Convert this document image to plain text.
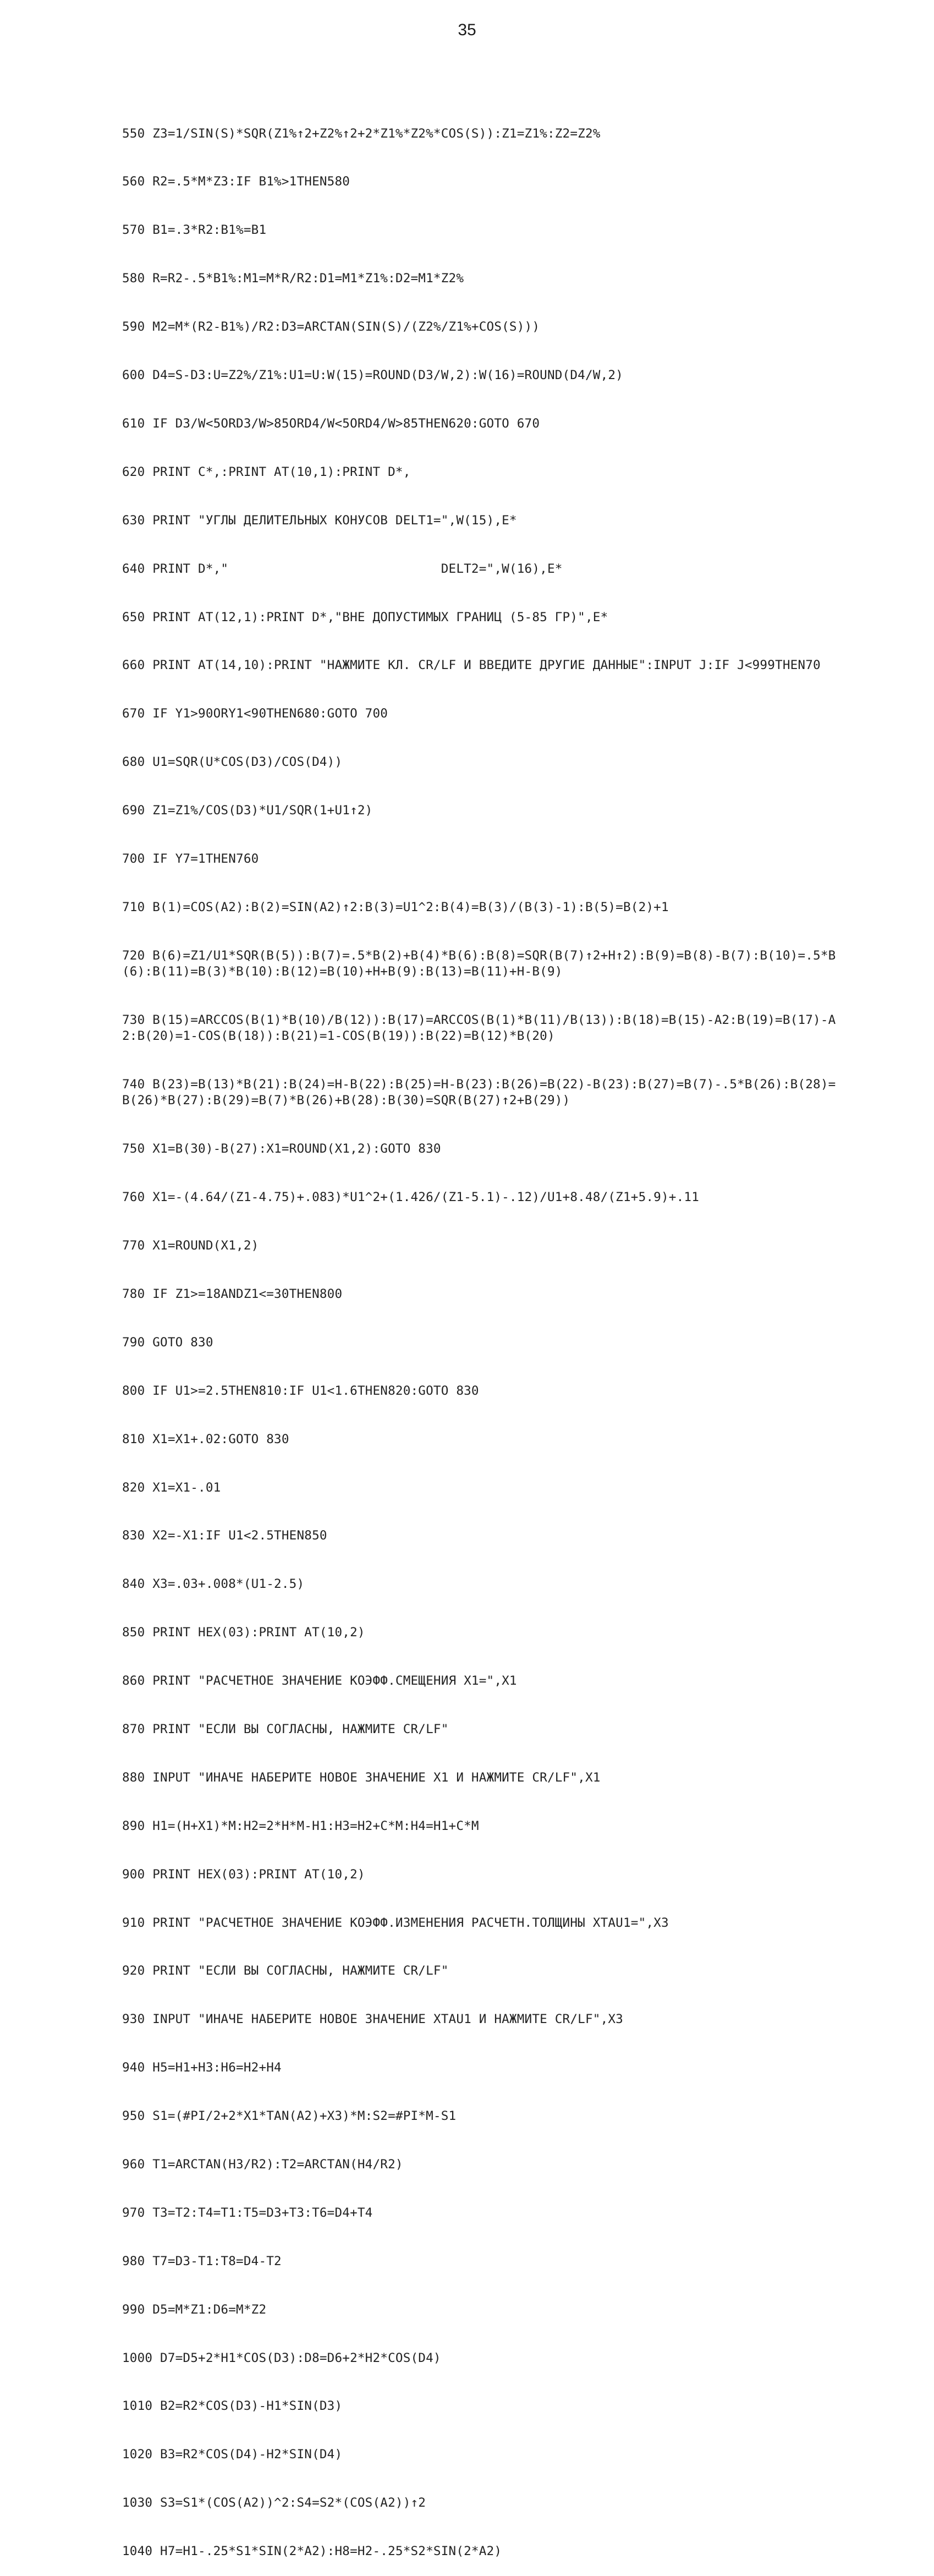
35

550 Z3=1/SIN(S)*SQR(Z1%↑2+Z2%↑2+2*Z1%*Z2%*COS(S)):Z1=Z1%:Z2=Z2%

560 R2=.5*M*Z3:IF B1%>1THEN580

570 B1=.3*R2:B1%=B1

580 R=R2-.5*B1%:M1=M*R/R2:D1=M1*Z1%:D2=M1*Z2%

590 M2=M*(R2-B1%)/R2:D3=ARCTAN(SIN(S)/(Z2%/Z1%+COS(S)))

600 D4=S-D3:U=Z2%/Z1%:U1=U:W(15)=ROUND(D3/W,2):W(16)=ROUND(D4/W,2)

610 IF D3/W<5ORD3/W>85ORD4/W<5ORD4/W>85THEN620:GOTO 670

620 PRINT C*,:PRINT AT(10,1):PRINT D*,

630 PRINT "УГЛЫ ДЕЛИТЕЛЬНЫХ КОНУСОВ DELT1=",W(15),E*

640 PRINT D*,"                            DELT2=",W(16),E*

650 PRINT AT(12,1):PRINT D*,"ВНЕ ДОПУСТИМЫХ ГРАНИЦ (5-85 ГР)",E*

660 PRINT AT(14,10):PRINT "НАЖМИТЕ КЛ. CR/LF И ВВЕДИТЕ ДРУГИЕ ДАННЫЕ":INPUT J:IF J<999THEN70

670 IF Y1>90ORY1<90THEN680:GOTO 700

680 U1=SQR(U*COS(D3)/COS(D4))

690 Z1=Z1%/COS(D3)*U1/SQR(1+U1↑2)

700 IF Y7=1THEN760

710 B(1)=COS(A2):B(2)=SIN(A2)↑2:B(3)=U1^2:B(4)=B(3)/(B(3)-1):B(5)=B(2)+1

720 B(6)=Z1/U1*SQR(B(5)):B(7)=.5*B(2)+B(4)*B(6):B(8)=SQR(B(7)↑2+H↑2):B(9)=B(8)-B(7):B(10)=.5*B(6):B(11)=B(3)*B(10):B(12)=B(10)+H+B(9):B(13)=B(11)+H-B(9)

730 B(15)=ARCCOS(B(1)*B(10)/B(12)):B(17)=ARCCOS(B(1)*B(11)/B(13)):B(18)=B(15)-A2:B(19)=B(17)-A2:B(20)=1-COS(B(18)):B(21)=1-COS(B(19)):B(22)=B(12)*B(20)

740 B(23)=B(13)*B(21):B(24)=H-B(22):B(25)=H-B(23):B(26)=B(22)-B(23):B(27)=B(7)-.5*B(26):B(28)=B(26)*B(27):B(29)=B(7)*B(26)+B(28):B(30)=SQR(B(27)↑2+B(29))

750 X1=B(30)-B(27):X1=ROUND(X1,2):GOTO 830

760 X1=-(4.64/(Z1-4.75)+.083)*U1^2+(1.426/(Z1-5.1)-.12)/U1+8.48/(Z1+5.9)+.11

770 X1=ROUND(X1,2)

780 IF Z1>=18ANDZ1<=30THEN800

790 GOTO 830

800 IF U1>=2.5THEN810:IF U1<1.6THEN820:GOTO 830

810 X1=X1+.02:GOTO 830

820 X1=X1-.01

830 X2=-X1:IF U1<2.5THEN850

840 X3=.03+.008*(U1-2.5)

850 PRINT HEX(03):PRINT AT(10,2)

860 PRINT "РАСЧЕТНОЕ ЗНАЧЕНИЕ КОЭФФ.СМЕЩЕНИЯ X1=",X1

870 PRINT "ЕСЛИ ВЫ СОГЛАСНЫ, НАЖМИТЕ CR/LF"

880 INPUT "ИНАЧЕ НАБЕРИТЕ НОВОЕ ЗНАЧЕНИЕ X1 И НАЖМИТЕ CR/LF",X1

890 H1=(H+X1)*M:H2=2*H*M-H1:H3=H2+C*M:H4=H1+C*M

900 PRINT HEX(03):PRINT AT(10,2)

910 PRINT "РАСЧЕТНОЕ ЗНАЧЕНИЕ КОЭФФ.ИЗМЕНЕНИЯ РАСЧЕТН.ТОЛЩИНЫ XTAU1=",X3

920 PRINT "ЕСЛИ ВЫ СОГЛАСНЫ, НАЖМИТЕ CR/LF"

930 INPUT "ИНАЧЕ НАБЕРИТЕ НОВОЕ ЗНАЧЕНИЕ XTAU1 И НАЖМИТЕ CR/LF",X3

940 H5=H1+H3:H6=H2+H4

950 S1=(#PI/2+2*X1*TAN(A2)+X3)*M:S2=#PI*M-S1

960 T1=ARCTAN(H3/R2):T2=ARCTAN(H4/R2)

970 T3=T2:T4=T1:T5=D3+T3:T6=D4+T4

980 T7=D3-T1:T8=D4-T2

990 D5=M*Z1:D6=M*Z2

1000 D7=D5+2*H1*COS(D3):D8=D6+2*H2*COS(D4)

1010 B2=R2*COS(D3)-H1*SIN(D3)

1020 B3=R2*COS(D4)-H2*SIN(D4)

1030 S3=S1*(COS(A2))^2:S4=S2*(COS(A2))↑2

1040 H7=H1-.25*S1*SIN(2*A2):H8=H2-.25*S2*SIN(2*A2)
